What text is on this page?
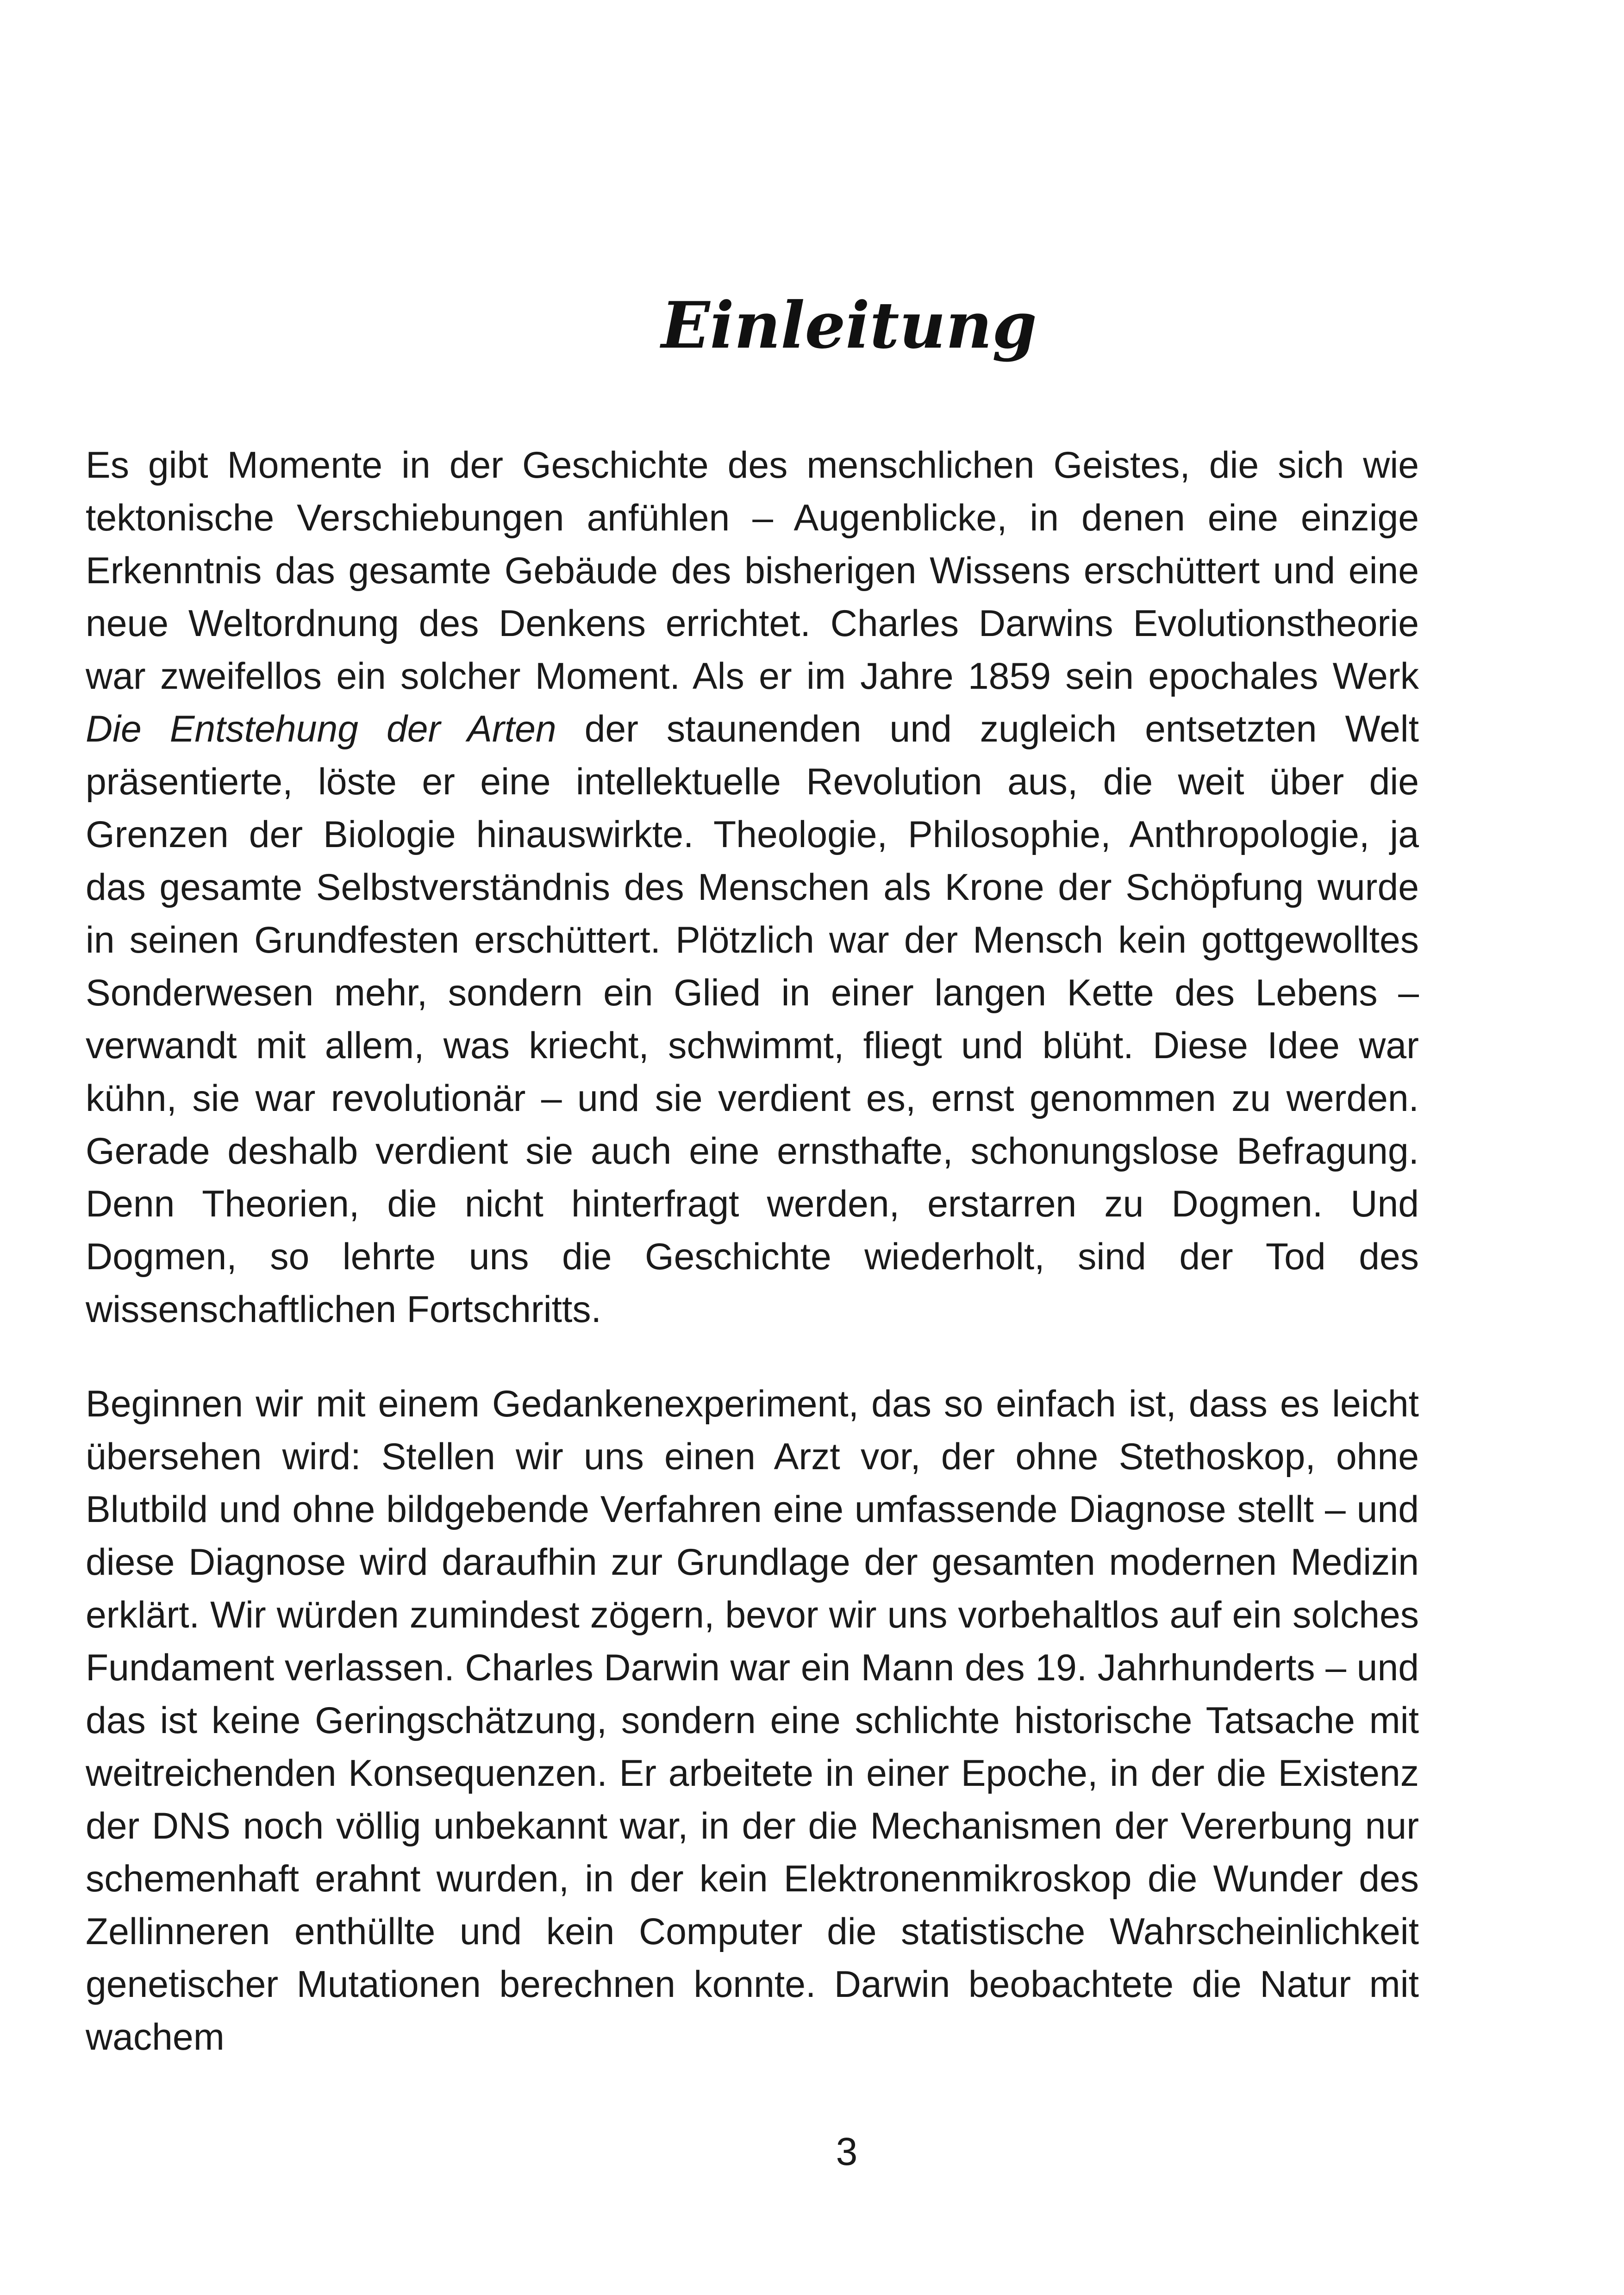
Einleitung

Es gibt Momente in der Geschichte des menschlichen Geistes, die sich wie tektonische Verschiebungen anfühlen – Augenblicke, in denen eine einzige Erkenntnis das gesamte Gebäude des bisherigen Wissens erschüttert und eine neue Weltordnung des Denkens errichtet. Charles Darwins Evolutionstheorie war zweifellos ein solcher Moment. Als er im Jahre 1859 sein epochales Werk Die Entstehung der Arten der staunenden und zugleich entsetzten Welt präsentierte, löste er eine intellektuelle Revolution aus, die weit über die Grenzen der Biologie hinauswirkte. Theologie, Philosophie, Anthropologie, ja das gesamte Selbstverständnis des Menschen als Krone der Schöpfung wurde in seinen Grundfesten erschüttert. Plötzlich war der Mensch kein gottgewolltes Sonderwesen mehr, sondern ein Glied in einer langen Kette des Lebens – verwandt mit allem, was kriecht, schwimmt, fliegt und blüht. Diese Idee war kühn, sie war revolutionär – und sie verdient es, ernst genommen zu werden. Gerade deshalb verdient sie auch eine ernsthafte, schonungslose Befragung. Denn Theorien, die nicht hinterfragt werden, erstarren zu Dogmen. Und Dogmen, so lehrte uns die Geschichte wiederholt, sind der Tod des wissenschaftlichen Fortschritts.

Beginnen wir mit einem Gedankenexperiment, das so einfach ist, dass es leicht übersehen wird: Stellen wir uns einen Arzt vor, der ohne Stethoskop, ohne Blutbild und ohne bildgebende Verfahren eine umfassende Diagnose stellt – und diese Diagnose wird daraufhin zur Grundlage der gesamten modernen Medizin erklärt. Wir würden zumindest zögern, bevor wir uns vorbehaltlos auf ein solches Fundament verlassen. Charles Darwin war ein Mann des 19. Jahrhunderts – und das ist keine Geringschätzung, sondern eine schlichte historische Tatsache mit weitreichenden Konsequenzen. Er arbeitete in einer Epoche, in der die Existenz der DNS noch völlig unbekannt war, in der die Mechanismen der Vererbung nur schemenhaft erahnt wurden, in der kein Elektronenmikroskop die Wunder des Zellinneren enthüllte und kein Computer die statistische Wahrscheinlichkeit genetischer Mutationen berechnen konnte. Darwin beobachtete die Natur mit wachem

3
